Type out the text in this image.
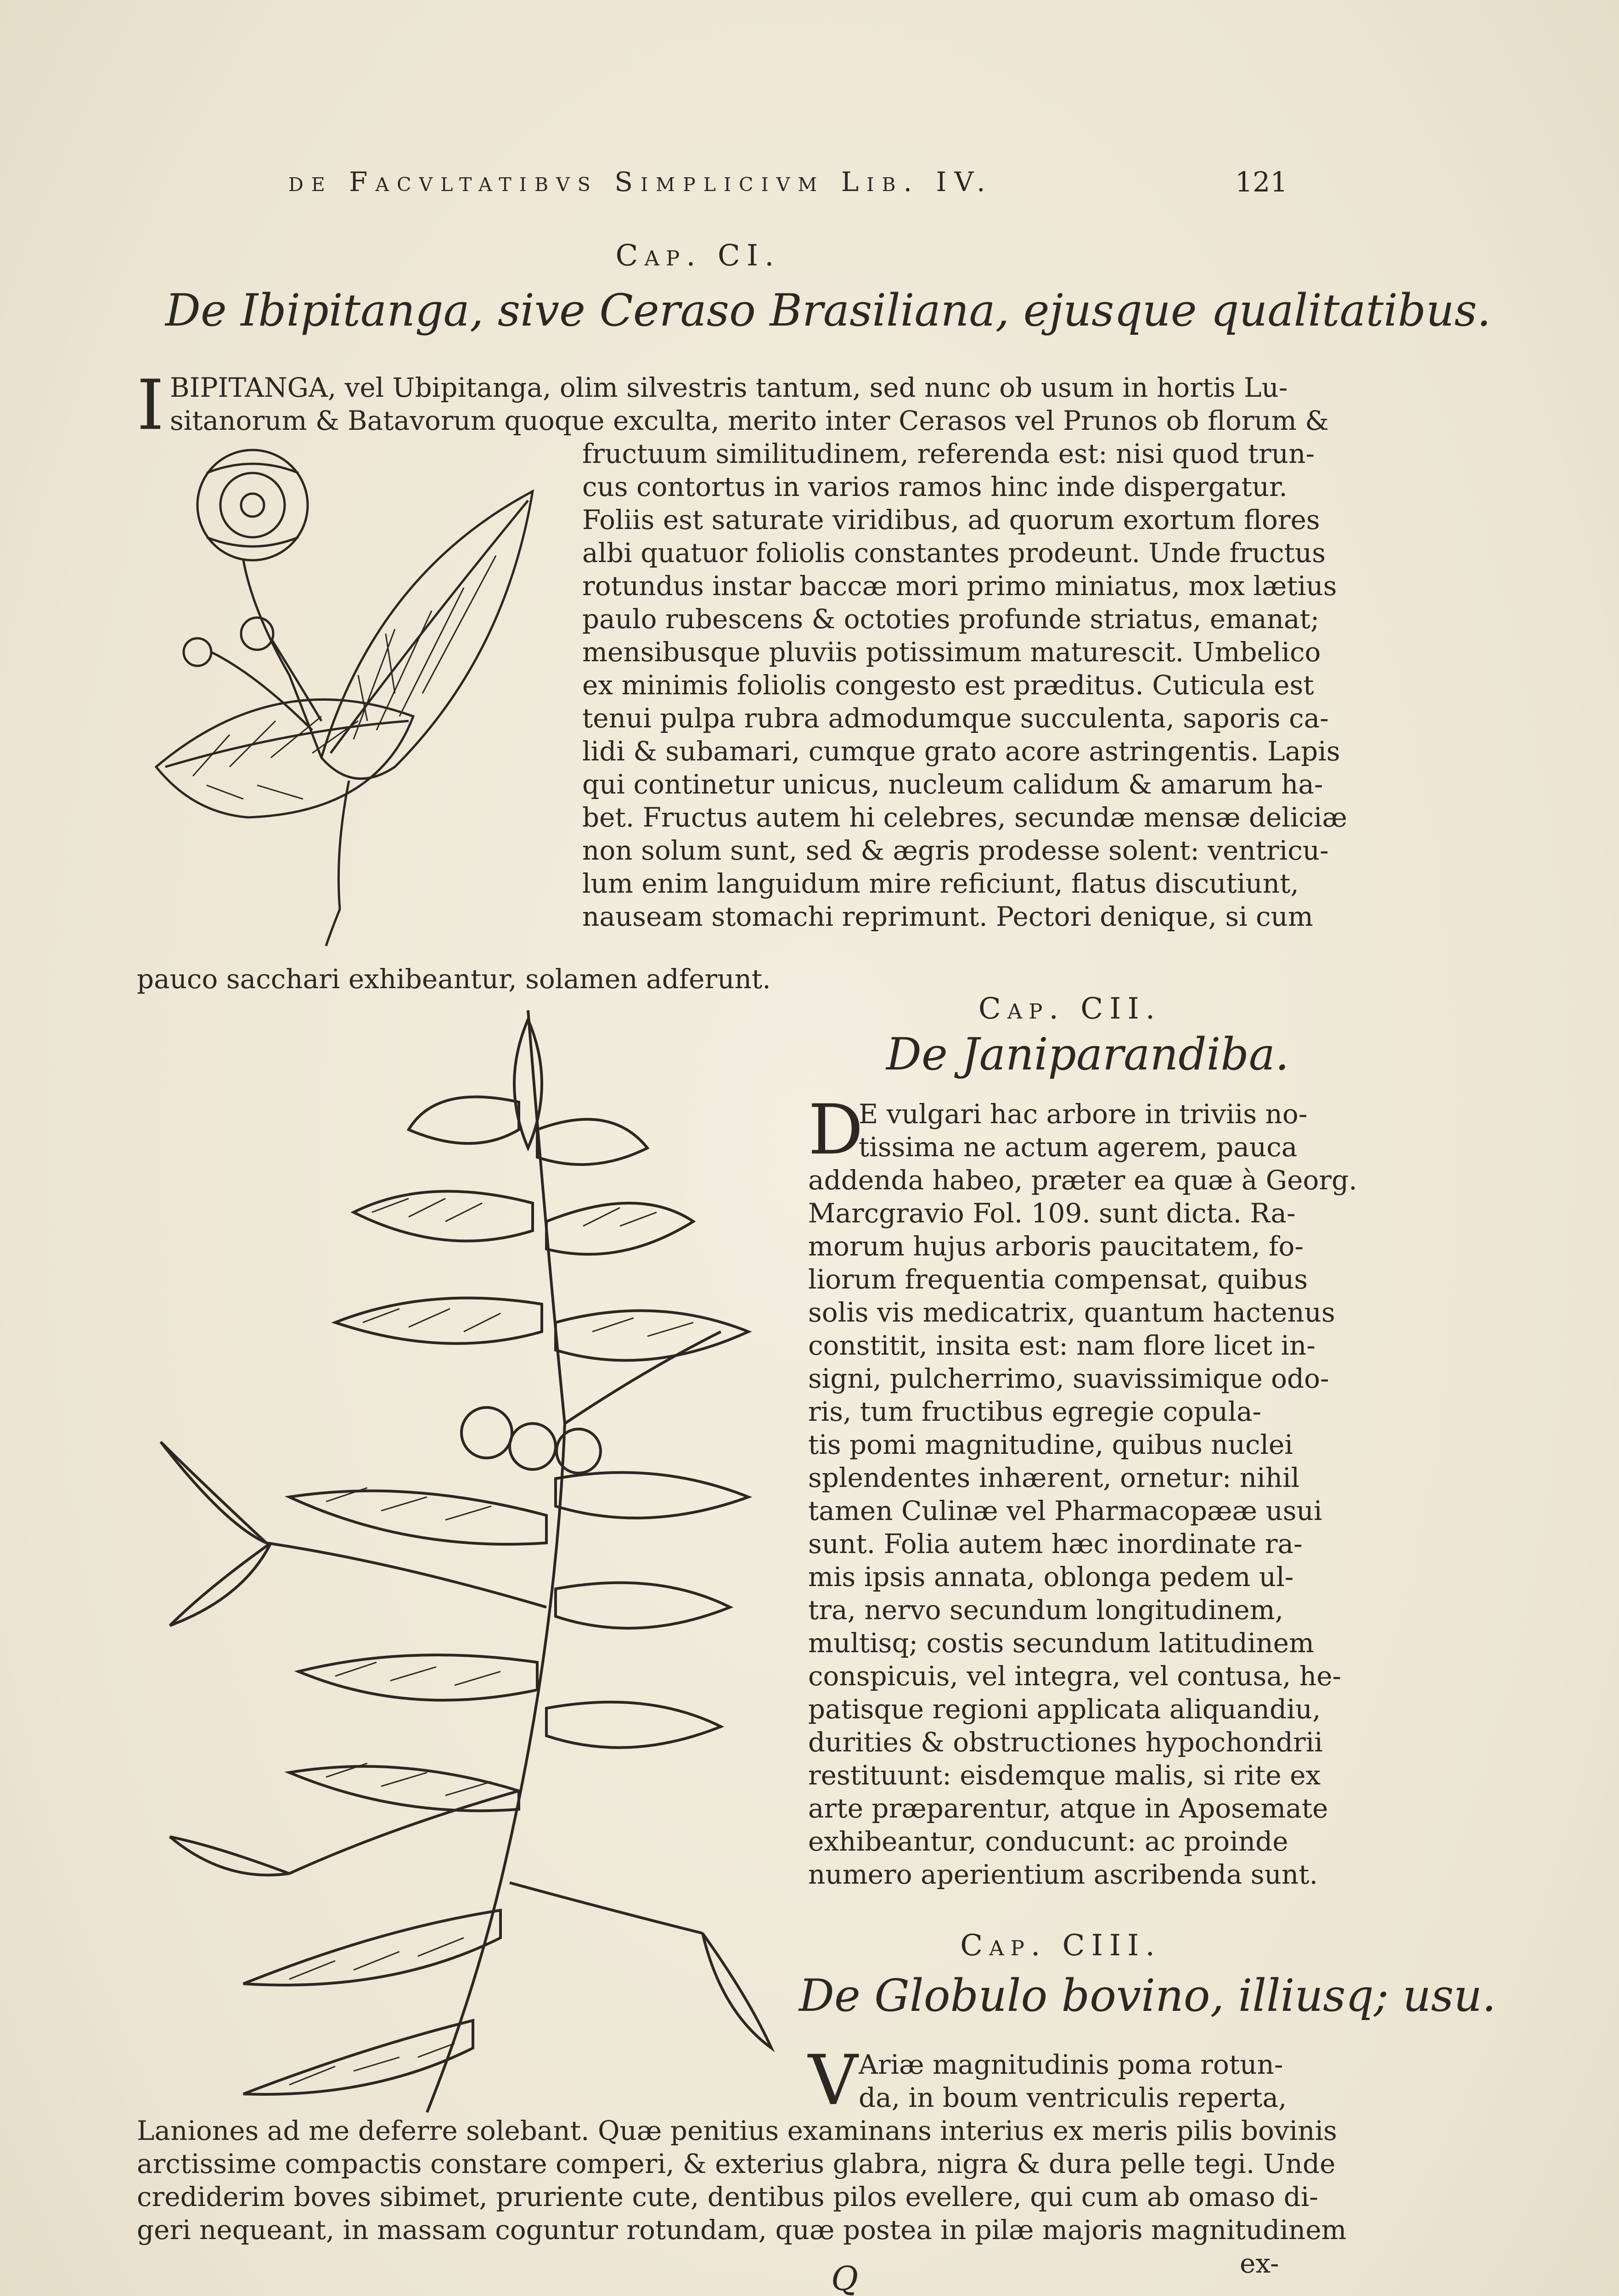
de Facvltatibvs Simplicivm Lib. IV.	121
Cap. CI.
De Ibipitanga, sive Ceraso Brasiliana, ejusque qualitatibus.
I BIPITANGA, vel Ubipitanga, olim silvestris tantum, sed nunc ob usum in hortis Lu-
sitanorum & Batavorum quoque exculta, merito inter Cerasos vel Prunos ob florum &
fructuum similitudinem, referenda est: nisi quod trun-
cus contortus in varios ramos hinc inde dispergatur.
Foliis est saturate viridibus, ad quorum exortum flores
albi quatuor foliolis constantes prodeunt. Unde fructus
rotundus instar baccæ mori primo miniatus, mox lætius
paulo rubescens & octoties profunde striatus, emanat;
mensibusque pluviis potissimum maturescit. Umbelico
ex minimis foliolis congesto est præditus. Cuticula est
tenui pulpa rubra admodumque succulenta, saporis ca-
lidi & subamari, cumque grato acore astringentis. Lapis
qui continetur unicus, nucleum calidum & amarum ha-
bet. Fructus autem hi celebres, secundæ mensæ deliciæ
non solum sunt, sed & ægris prodesse solent: ventricu-
lum enim languidum mire reficiunt, flatus discutiunt,
nauseam stomachi reprimunt. Pectori denique, si cum
pauco sacchari exhibeantur, solamen adferunt.
Cap. CII.
De Janiparandiba.
D
E vulgari hac arbore in triviis no-
tissima ne actum agerem, pauca
addenda habeo, præter ea quæ à Georg.
Marcgravio Fol. 109. sunt dicta. Ra-
morum hujus arboris paucitatem, fo-
liorum frequentia compensat, quibus
solis vis medicatrix, quantum hactenus
constitit, insita est: nam flore licet in-
signi, pulcherrimo, suavissimique odo-
ris, tum fructibus egregie copula-
tis pomi magnitudine, quibus nuclei
splendentes inhærent, ornetur: nihil
tamen Culinæ vel Pharmacopææ usui
sunt. Folia autem hæc inordinate ra-
mis ipsis annata, oblonga pedem ul-
tra, nervo secundum longitudinem,
multisq; costis secundum latitudinem
conspicuis, vel integra, vel contusa, he-
patisque regioni applicata aliquandiu,
durities & obstructiones hypochondrii
restituunt: eisdemque malis, si rite ex
arte præparentur, atque in Aposemate
exhibeantur, conducunt: ac proinde
numero aperientium ascribenda sunt.
Cap. CIII.
De Globulo bovino, illiusq; usu.
V Ariæ magnitudinis poma rotun-
da, in boum ventriculis reperta,
Laniones ad me deferre solebant. Quæ penitius examinans interius ex meris pilis bovinis
arctissime compactis constare comperi, & exterius glabra, nigra & dura pelle tegi. Unde
crediderim boves sibimet, pruriente cute, dentibus pilos evellere, qui cum ab omaso di-
geri nequeant, in massam coguntur rotundam, quæ postea in pilæ majoris magnitudinem
ex-
Q
